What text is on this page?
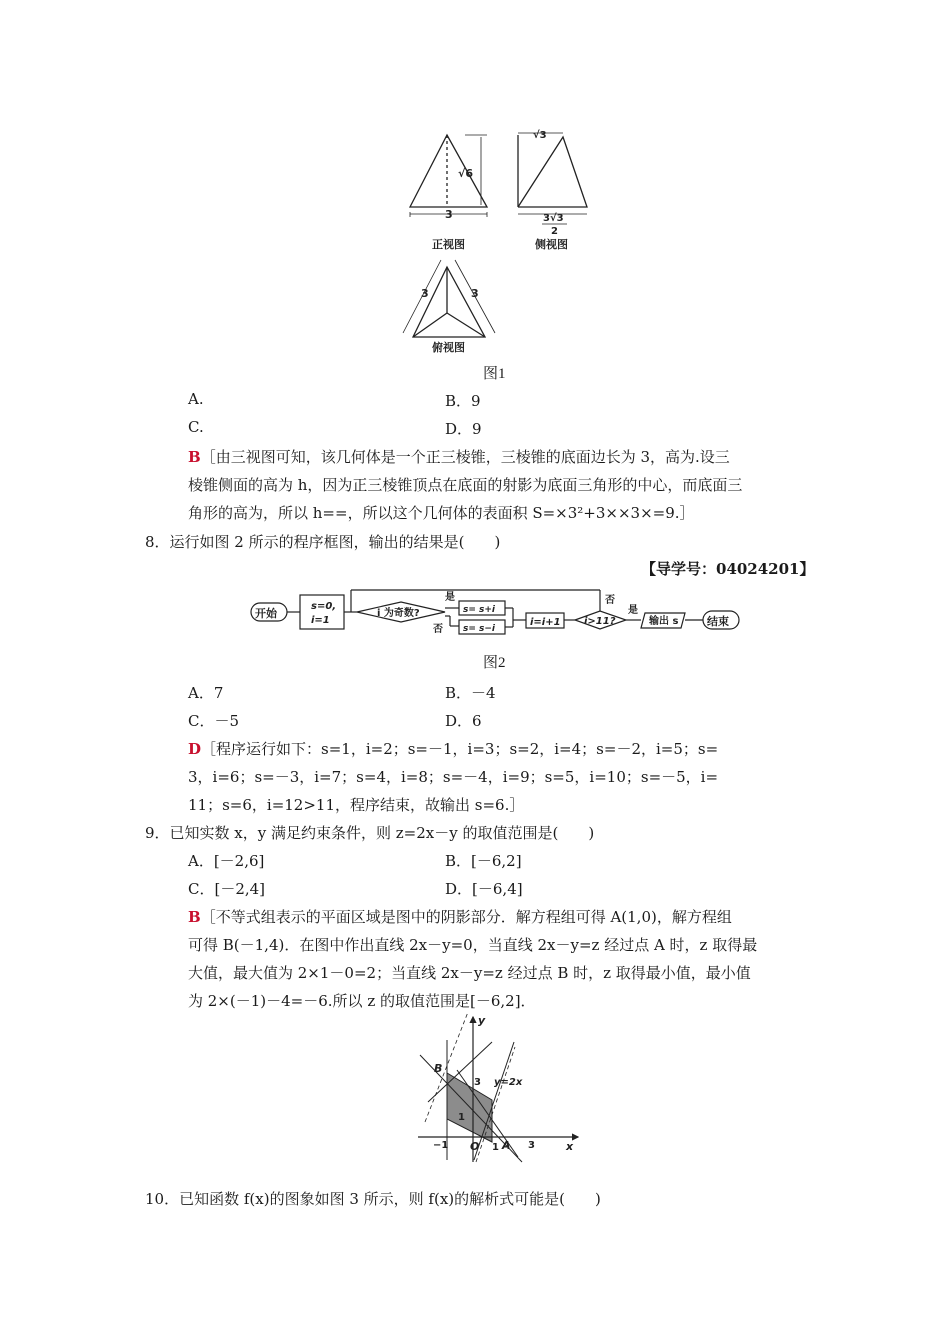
√6
3
正视图
√3
3√3
2
侧视图
3	3
俯视图
图1
A.	B．9
C.	D．9
B［由三视图可知，该几何体是一个正三棱锥，三棱锥的底面边长为 3，高为.设三
棱锥侧面的高为 h，因为正三棱锥顶点在底面的射影为底面三角形的中心，而底面三
角形的高为，所以 h==，所以这个几何体的表面积 S=×3²+3××3×=9.］
8．运行如图 2 所示的程序框图，输出的结果是(　　)
【导学号：04024201】
开始
s=0,
i=1
i 为奇数?
是
否
s= s+i
s= s−i
i=i+1 i>11?
否
是
输出 s	结束
图2
A．7	B．－4
C．－5	D．6
D［程序运行如下：s=1，i=2；s=－1，i=3；s=2，i=4；s=－2，i=5；s=
3，i=6；s=－3，i=7；s=4，i=8；s=－4，i=9；s=5，i=10；s=－5，i=
11；s=6，i=12>11，程序结束，故输出 s=6.］
9．已知实数 x，y 满足约束条件，则 z=2x－y 的取值范围是(　　)
A．[－2,6]	B．[－6,2]
C．[－2,4]	D．[－6,4]
B［不等式组表示的平面区域是图中的阴影部分．解方程组可得 A(1,0)，解方程组
可得 B(－1,4)．在图中作出直线 2x－y=0，当直线 2x－y=z 经过点 A 时，z 取得最
大值，最大值为 2×1－0=2；当直线 2x－y=z 经过点 B 时，z 取得最小值，最小值
为 2×(－1)－4=－6.所以 z 的取值范围是[－6,2]．
y
x
B
A
O
3
1
−1	1	3
y=2x
10．已知函数 f(x)的图象如图 3 所示，则 f(x)的解析式可能是(　　)
